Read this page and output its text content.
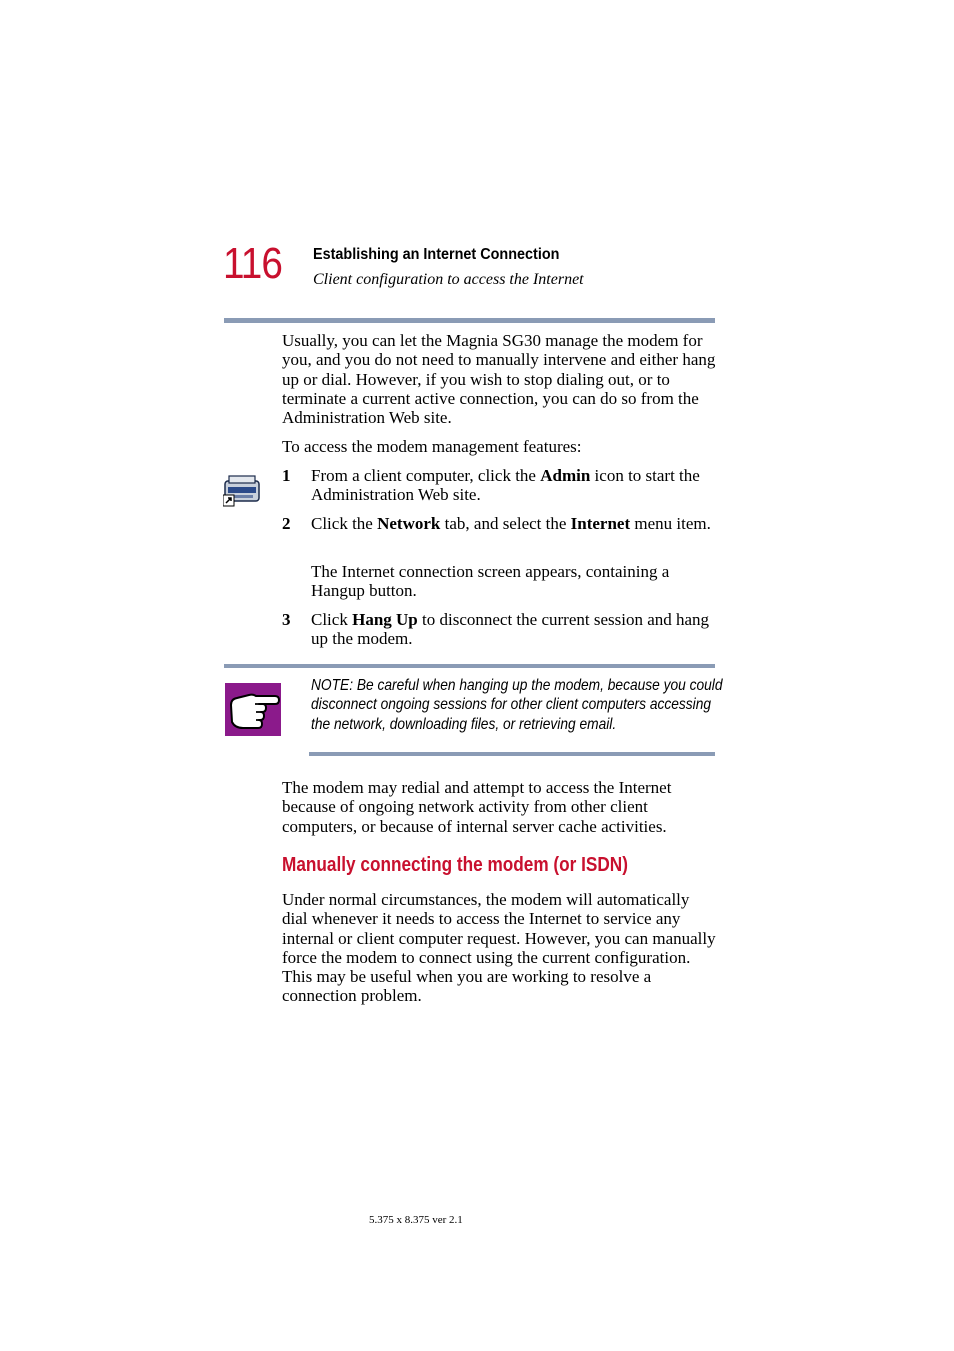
116 Establishing an Internet Connection
Client configuration to access the Internet
Usually, you can let the Magnia SG30 manage the modem for you, and you do not need to manually intervene and either hang up or dial. However, if you wish to stop dialing out, or to terminate a current active connection, you can do so from the Administration Web site.
To access the modem management features:
1 From a client computer, click the Admin icon to start the Administration Web site.
2 Click the Network tab, and select the Internet menu item.
The Internet connection screen appears, containing a Hangup button.
3 Click Hang Up to disconnect the current session and hang up the modem.
NOTE: Be careful when hanging up the modem, because you could
disconnect ongoing sessions for other client computers accessing
the network, downloading files, or retrieving email.
The modem may redial and attempt to access the Internet because of ongoing network activity from other client computers, or because of internal server cache activities.
Manually connecting the modem (or ISDN)
Under normal circumstances, the modem will automatically dial whenever it needs to access the Internet to service any internal or client computer request. However, you can manually force the modem to connect using the current configuration. This may be useful when you are working to resolve a connection problem.
5.375 x 8.375 ver 2.1
